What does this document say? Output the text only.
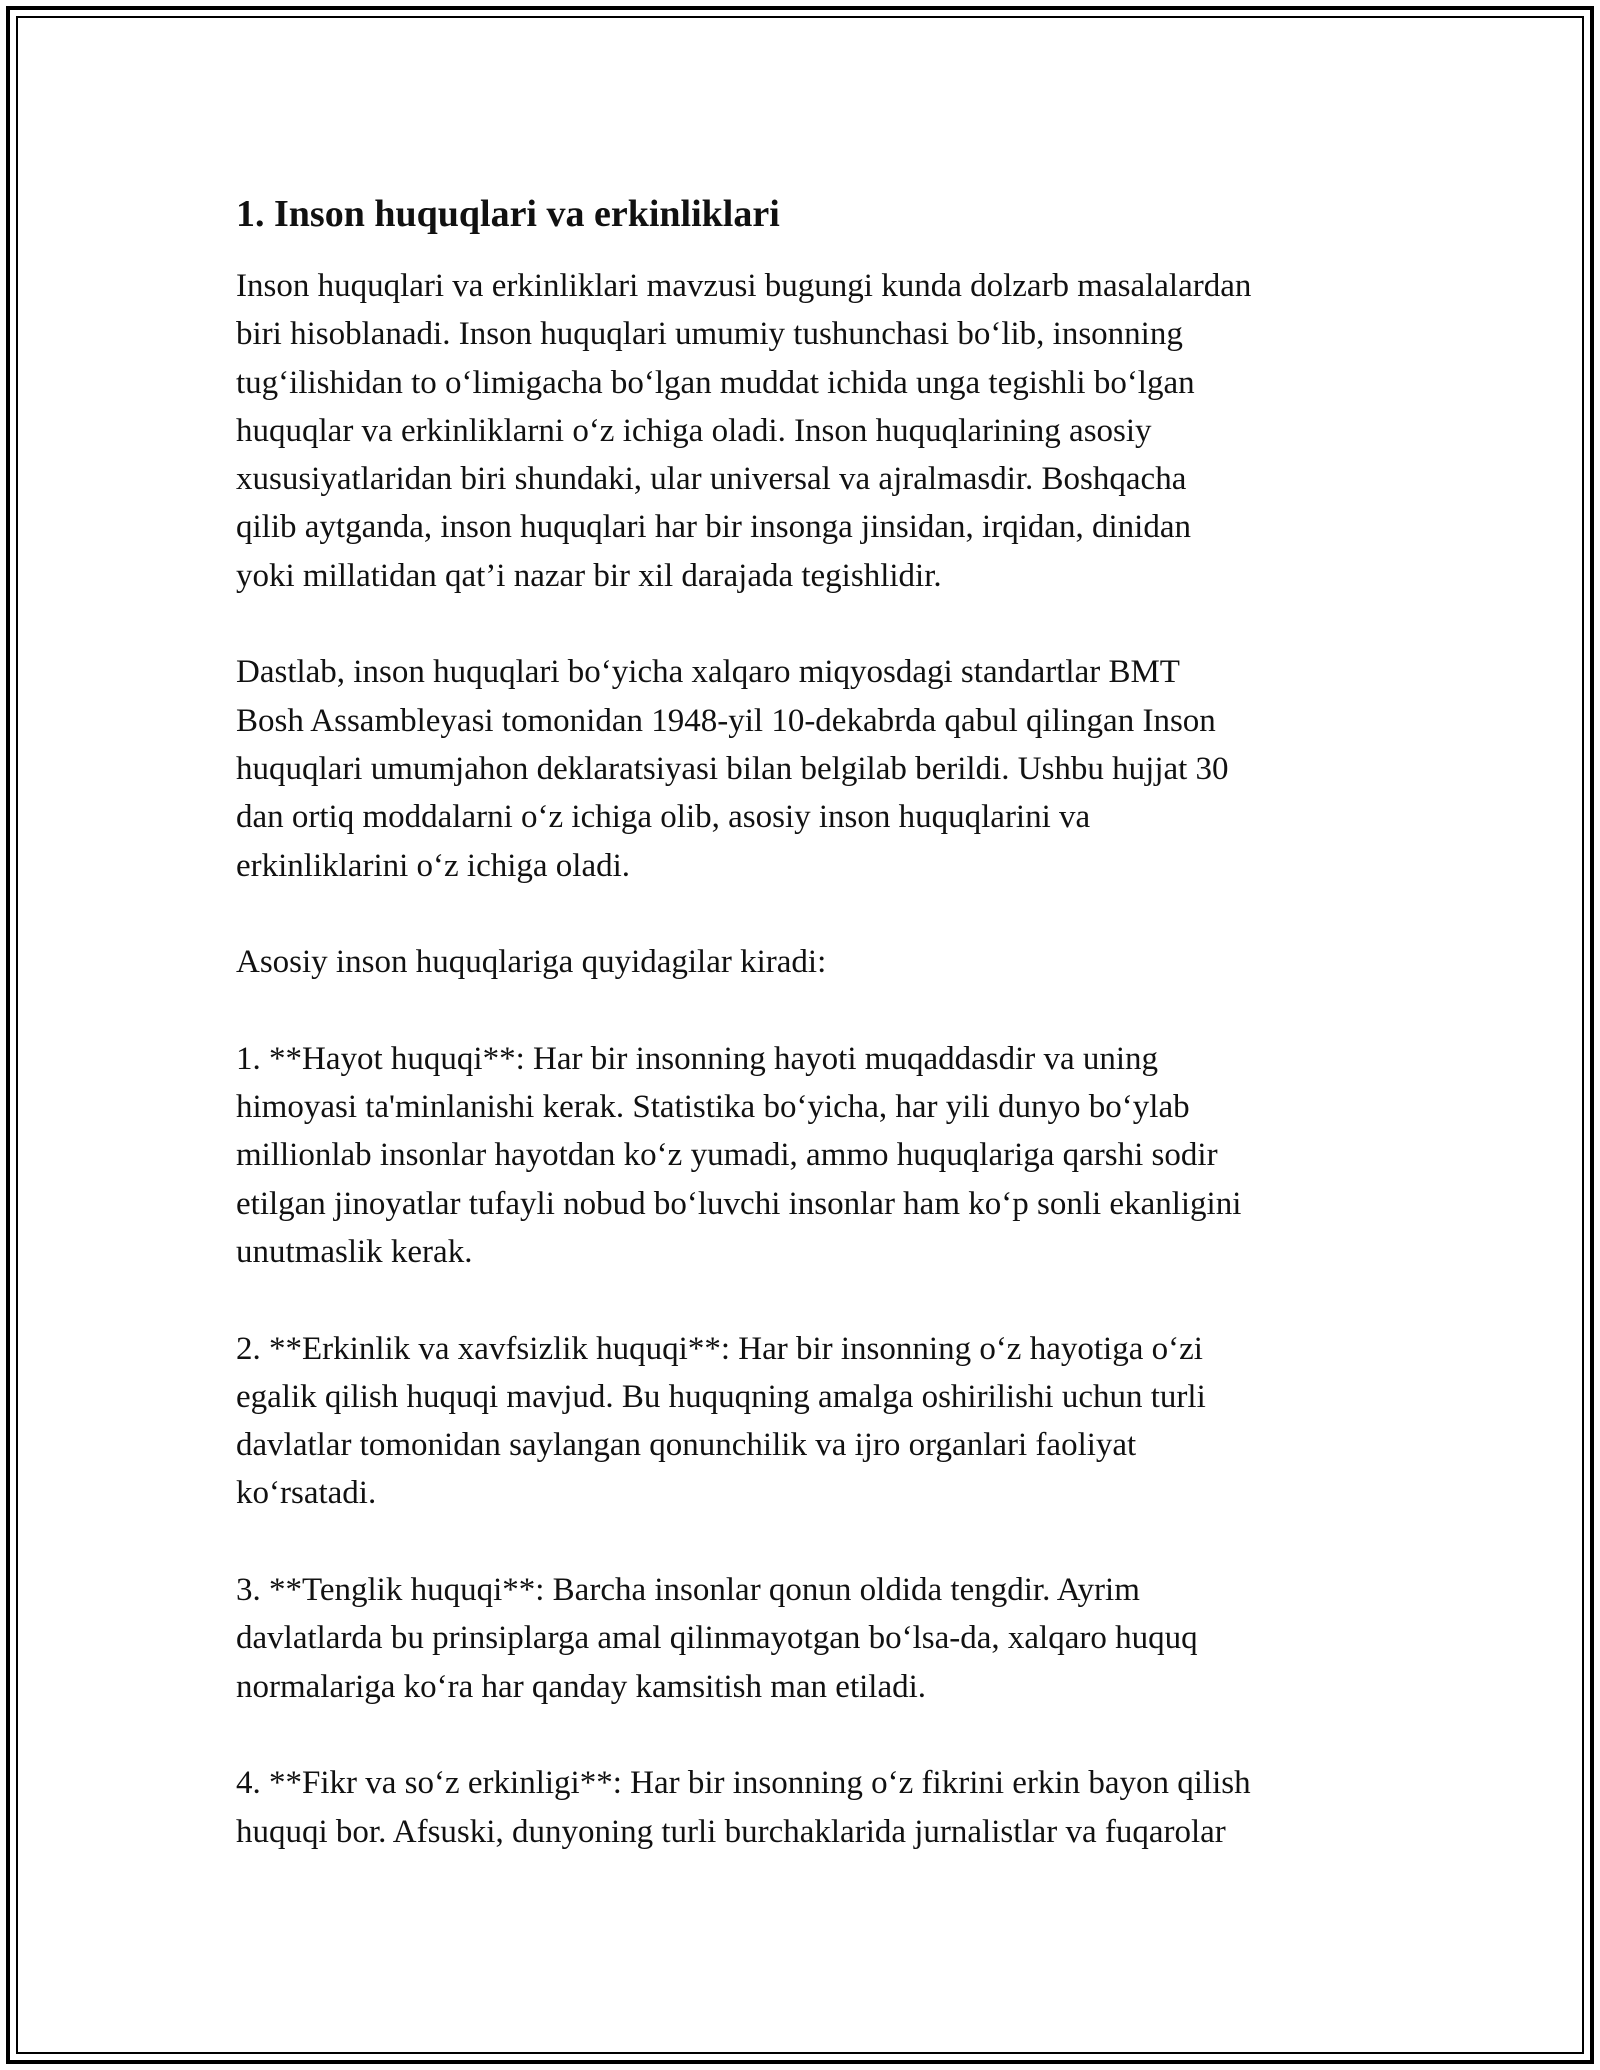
1. Inson huquqlari va erkinliklari

Inson huquqlari va erkinliklari mavzusi bugungi kunda dolzarb masalalardan
biri hisoblanadi. Inson huquqlari umumiy tushunchasi boʻlib, insonning
tugʻilishidan to oʻlimigacha boʻlgan muddat ichida unga tegishli boʻlgan
huquqlar va erkinliklarni oʻz ichiga oladi. Inson huquqlarining asosiy
xususiyatlaridan biri shundaki, ular universal va ajralmasdir. Boshqacha
qilib aytganda, inson huquqlari har bir insonga jinsidan, irqidan, dinidan
yoki millatidan qat’i nazar bir xil darajada tegishlidir.

Dastlab, inson huquqlari boʻyicha xalqaro miqyosdagi standartlar BMT
Bosh Assambleyasi tomonidan 1948-yil 10-dekabrda qabul qilingan Inson
huquqlari umumjahon deklaratsiyasi bilan belgilab berildi. Ushbu hujjat 30
dan ortiq moddalarni oʻz ichiga olib, asosiy inson huquqlarini va
erkinliklarini oʻz ichiga oladi.

Asosiy inson huquqlariga quyidagilar kiradi:

1. **Hayot huquqi**: Har bir insonning hayoti muqaddasdir va uning
himoyasi ta'minlanishi kerak. Statistika boʻyicha, har yili dunyo boʻylab
millionlab insonlar hayotdan koʻz yumadi, ammo huquqlariga qarshi sodir
etilgan jinoyatlar tufayli nobud boʻluvchi insonlar ham koʻp sonli ekanligini
unutmaslik kerak.

2. **Erkinlik va xavfsizlik huquqi**: Har bir insonning oʻz hayotiga oʻzi
egalik qilish huquqi mavjud. Bu huquqning amalga oshirilishi uchun turli
davlatlar tomonidan saylangan qonunchilik va ijro organlari faoliyat
koʻrsatadi.

3. **Tenglik huquqi**: Barcha insonlar qonun oldida tengdir. Ayrim
davlatlarda bu prinsiplarga amal qilinmayotgan boʻlsa-da, xalqaro huquq
normalariga koʻra har qanday kamsitish man etiladi.

4. **Fikr va soʻz erkinligi**: Har bir insonning oʻz fikrini erkin bayon qilish
huquqi bor. Afsuski, dunyoning turli burchaklarida jurnalistlar va fuqarolar
